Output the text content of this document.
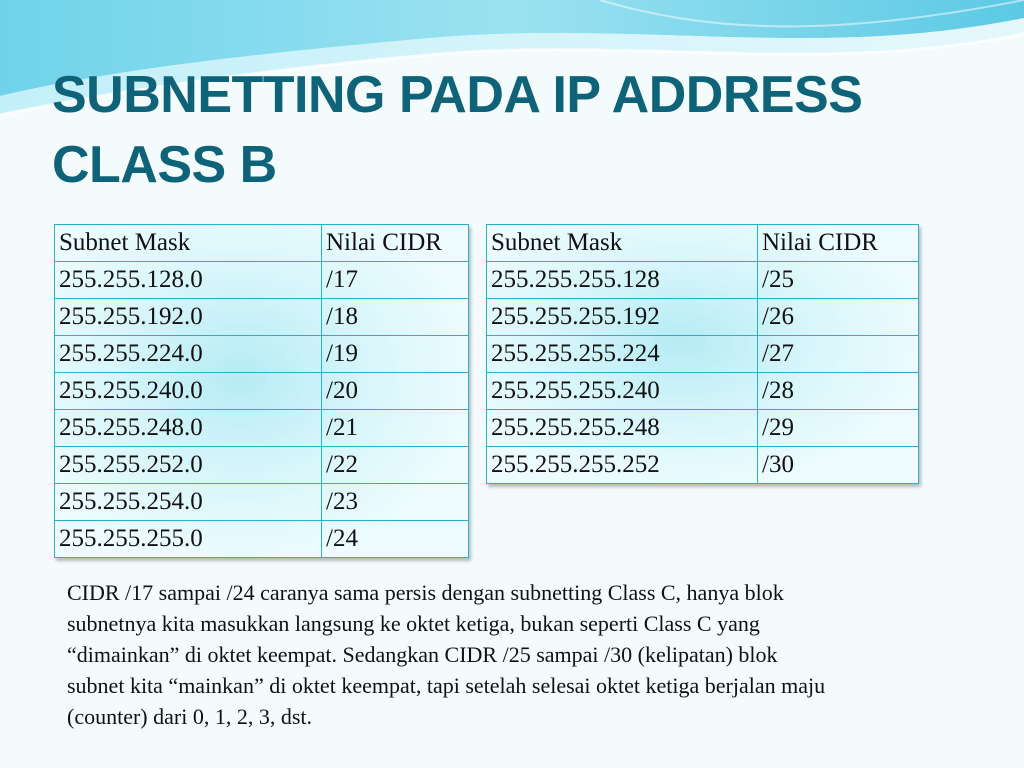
SUBNETTING PADA IP ADDRESS
CLASS B
Subnet Mask	Nilai CIDR
255.255.128.0	/17
255.255.192.0	/18
255.255.224.0	/19
255.255.240.0	/20
255.255.248.0	/21
255.255.252.0	/22
255.255.254.0	/23
255.255.255.0	/24
Subnet Mask	Nilai CIDR
255.255.255.128	/25
255.255.255.192	/26
255.255.255.224	/27
255.255.255.240	/28
255.255.255.248	/29
255.255.255.252	/30

CIDR /17 sampai /24 caranya sama persis dengan subnetting Class C, hanya blok
subnetnya kita masukkan langsung ke oktet ketiga, bukan seperti Class C yang
“dimainkan” di oktet keempat. Sedangkan CIDR /25 sampai /30 (kelipatan) blok
subnet kita “mainkan” di oktet keempat, tapi setelah selesai oktet ketiga berjalan maju
(counter) dari 0, 1, 2, 3, dst.
